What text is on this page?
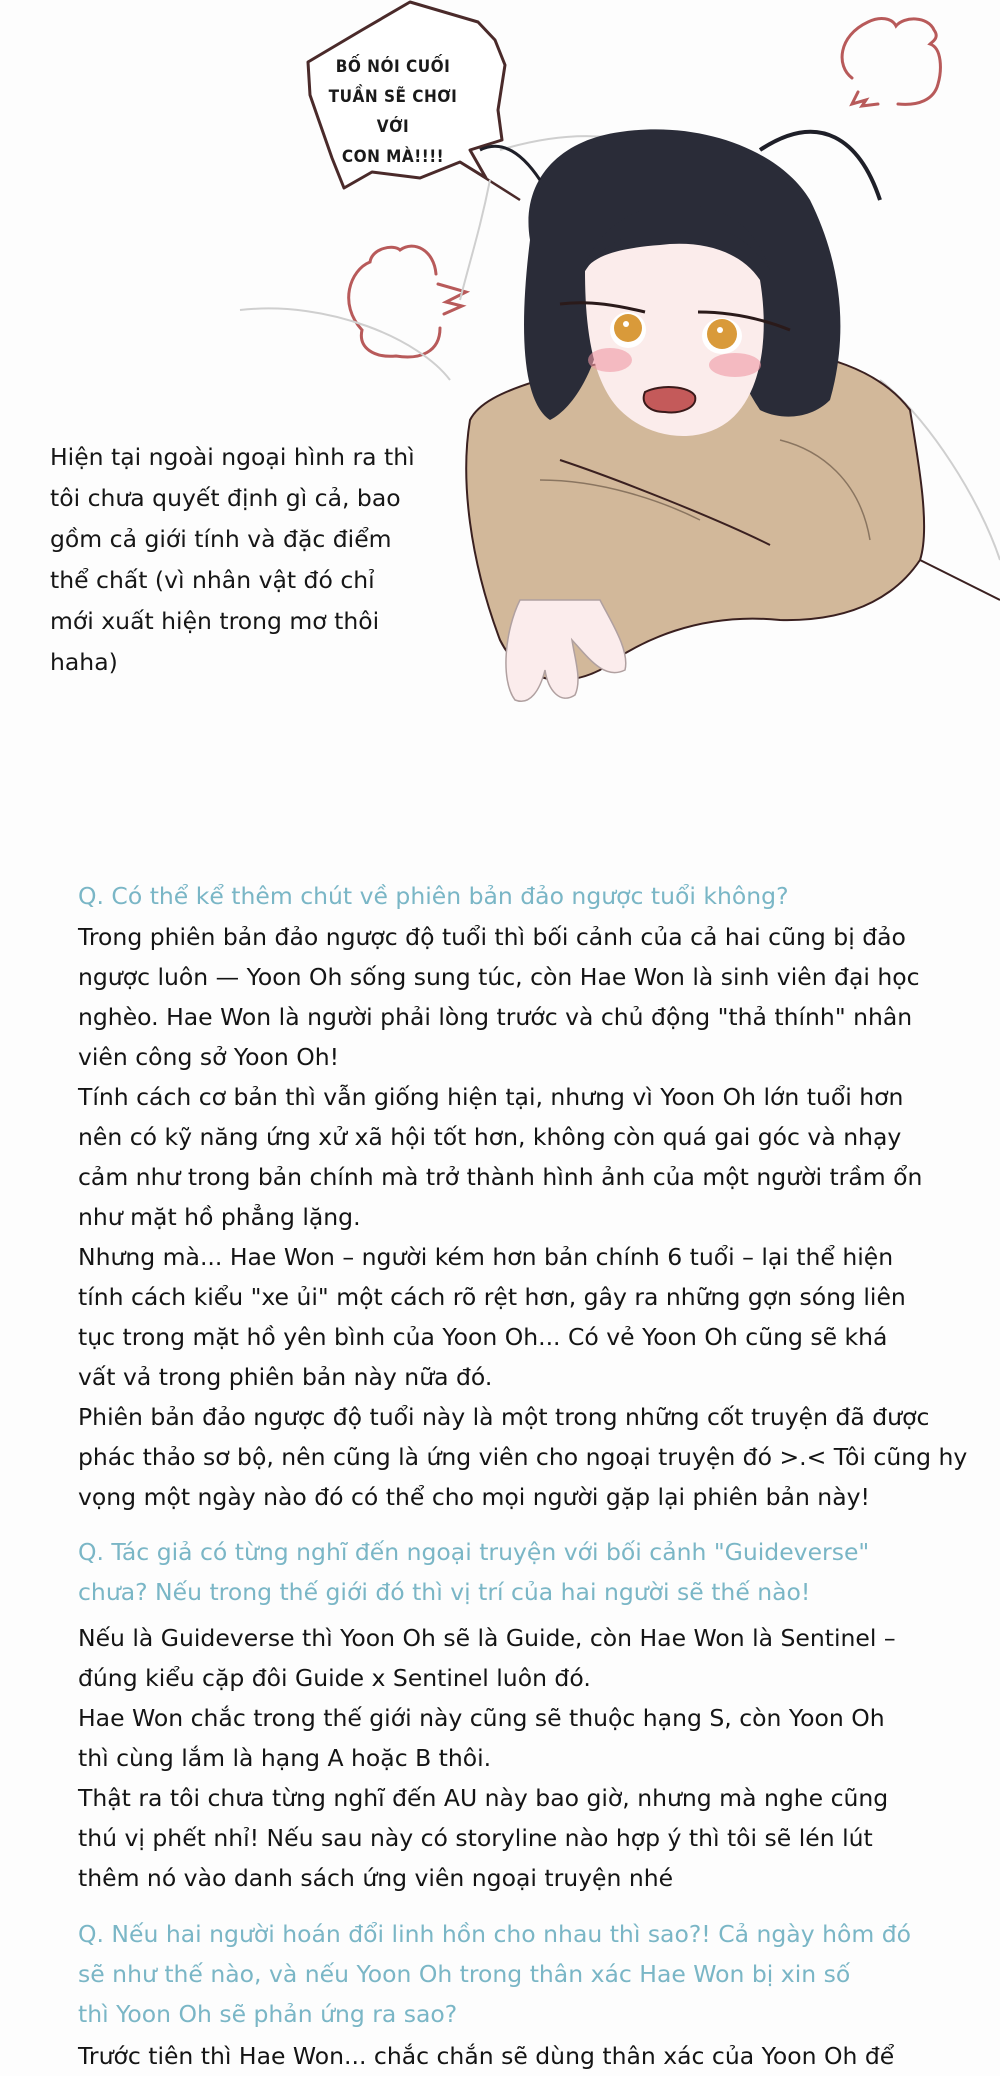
BỐ NÓI CUỐI
TUẦN SẼ CHƠI VỚI
CON MÀ!!!!
Hiện tại ngoài ngoại hình ra thì
tôi chưa quyết định gì cả, bao
gồm cả giới tính và đặc điểm
thể chất (vì nhân vật đó chỉ
mới xuất hiện trong mơ thôi
haha)
Q. Có thể kể thêm chút về phiên bản đảo ngược tuổi không?
Trong phiên bản đảo ngược độ tuổi thì bối cảnh của cả hai cũng bị đảo
ngược luôn — Yoon Oh sống sung túc, còn Hae Won là sinh viên đại học
nghèo. Hae Won là người phải lòng trước và chủ động "thả thính" nhân
viên công sở Yoon Oh!
Tính cách cơ bản thì vẫn giống hiện tại, nhưng vì Yoon Oh lớn tuổi hơn
nên có kỹ năng ứng xử xã hội tốt hơn, không còn quá gai góc và nhạy
cảm như trong bản chính mà trở thành hình ảnh của một người trầm ổn
như mặt hồ phẳng lặng.
Nhưng mà... Hae Won – người kém hơn bản chính 6 tuổi – lại thể hiện
tính cách kiểu "xe ủi" một cách rõ rệt hơn, gây ra những gợn sóng liên
tục trong mặt hồ yên bình của Yoon Oh... Có vẻ Yoon Oh cũng sẽ khá
vất vả trong phiên bản này nữa đó.
Phiên bản đảo ngược độ tuổi này là một trong những cốt truyện đã được
phác thảo sơ bộ, nên cũng là ứng viên cho ngoại truyện đó >.< Tôi cũng hy
vọng một ngày nào đó có thể cho mọi người gặp lại phiên bản này!
Q. Tác giả có từng nghĩ đến ngoại truyện với bối cảnh "Guideverse"
chưa? Nếu trong thế giới đó thì vị trí của hai người sẽ thế nào!
Nếu là Guideverse thì Yoon Oh sẽ là Guide, còn Hae Won là Sentinel –
đúng kiểu cặp đôi Guide x Sentinel luôn đó.
Hae Won chắc trong thế giới này cũng sẽ thuộc hạng S, còn Yoon Oh
thì cùng lắm là hạng A hoặc B thôi.
Thật ra tôi chưa từng nghĩ đến AU này bao giờ, nhưng mà nghe cũng
thú vị phết nhỉ! Nếu sau này có storyline nào hợp ý thì tôi sẽ lén lút
thêm nó vào danh sách ứng viên ngoại truyện nhé
Q. Nếu hai người hoán đổi linh hồn cho nhau thì sao?! Cả ngày hôm đó
sẽ như thế nào, và nếu Yoon Oh trong thân xác Hae Won bị xin số
thì Yoon Oh sẽ phản ứng ra sao?
Trước tiên thì Hae Won... chắc chắn sẽ dùng thân xác của Yoon Oh để
